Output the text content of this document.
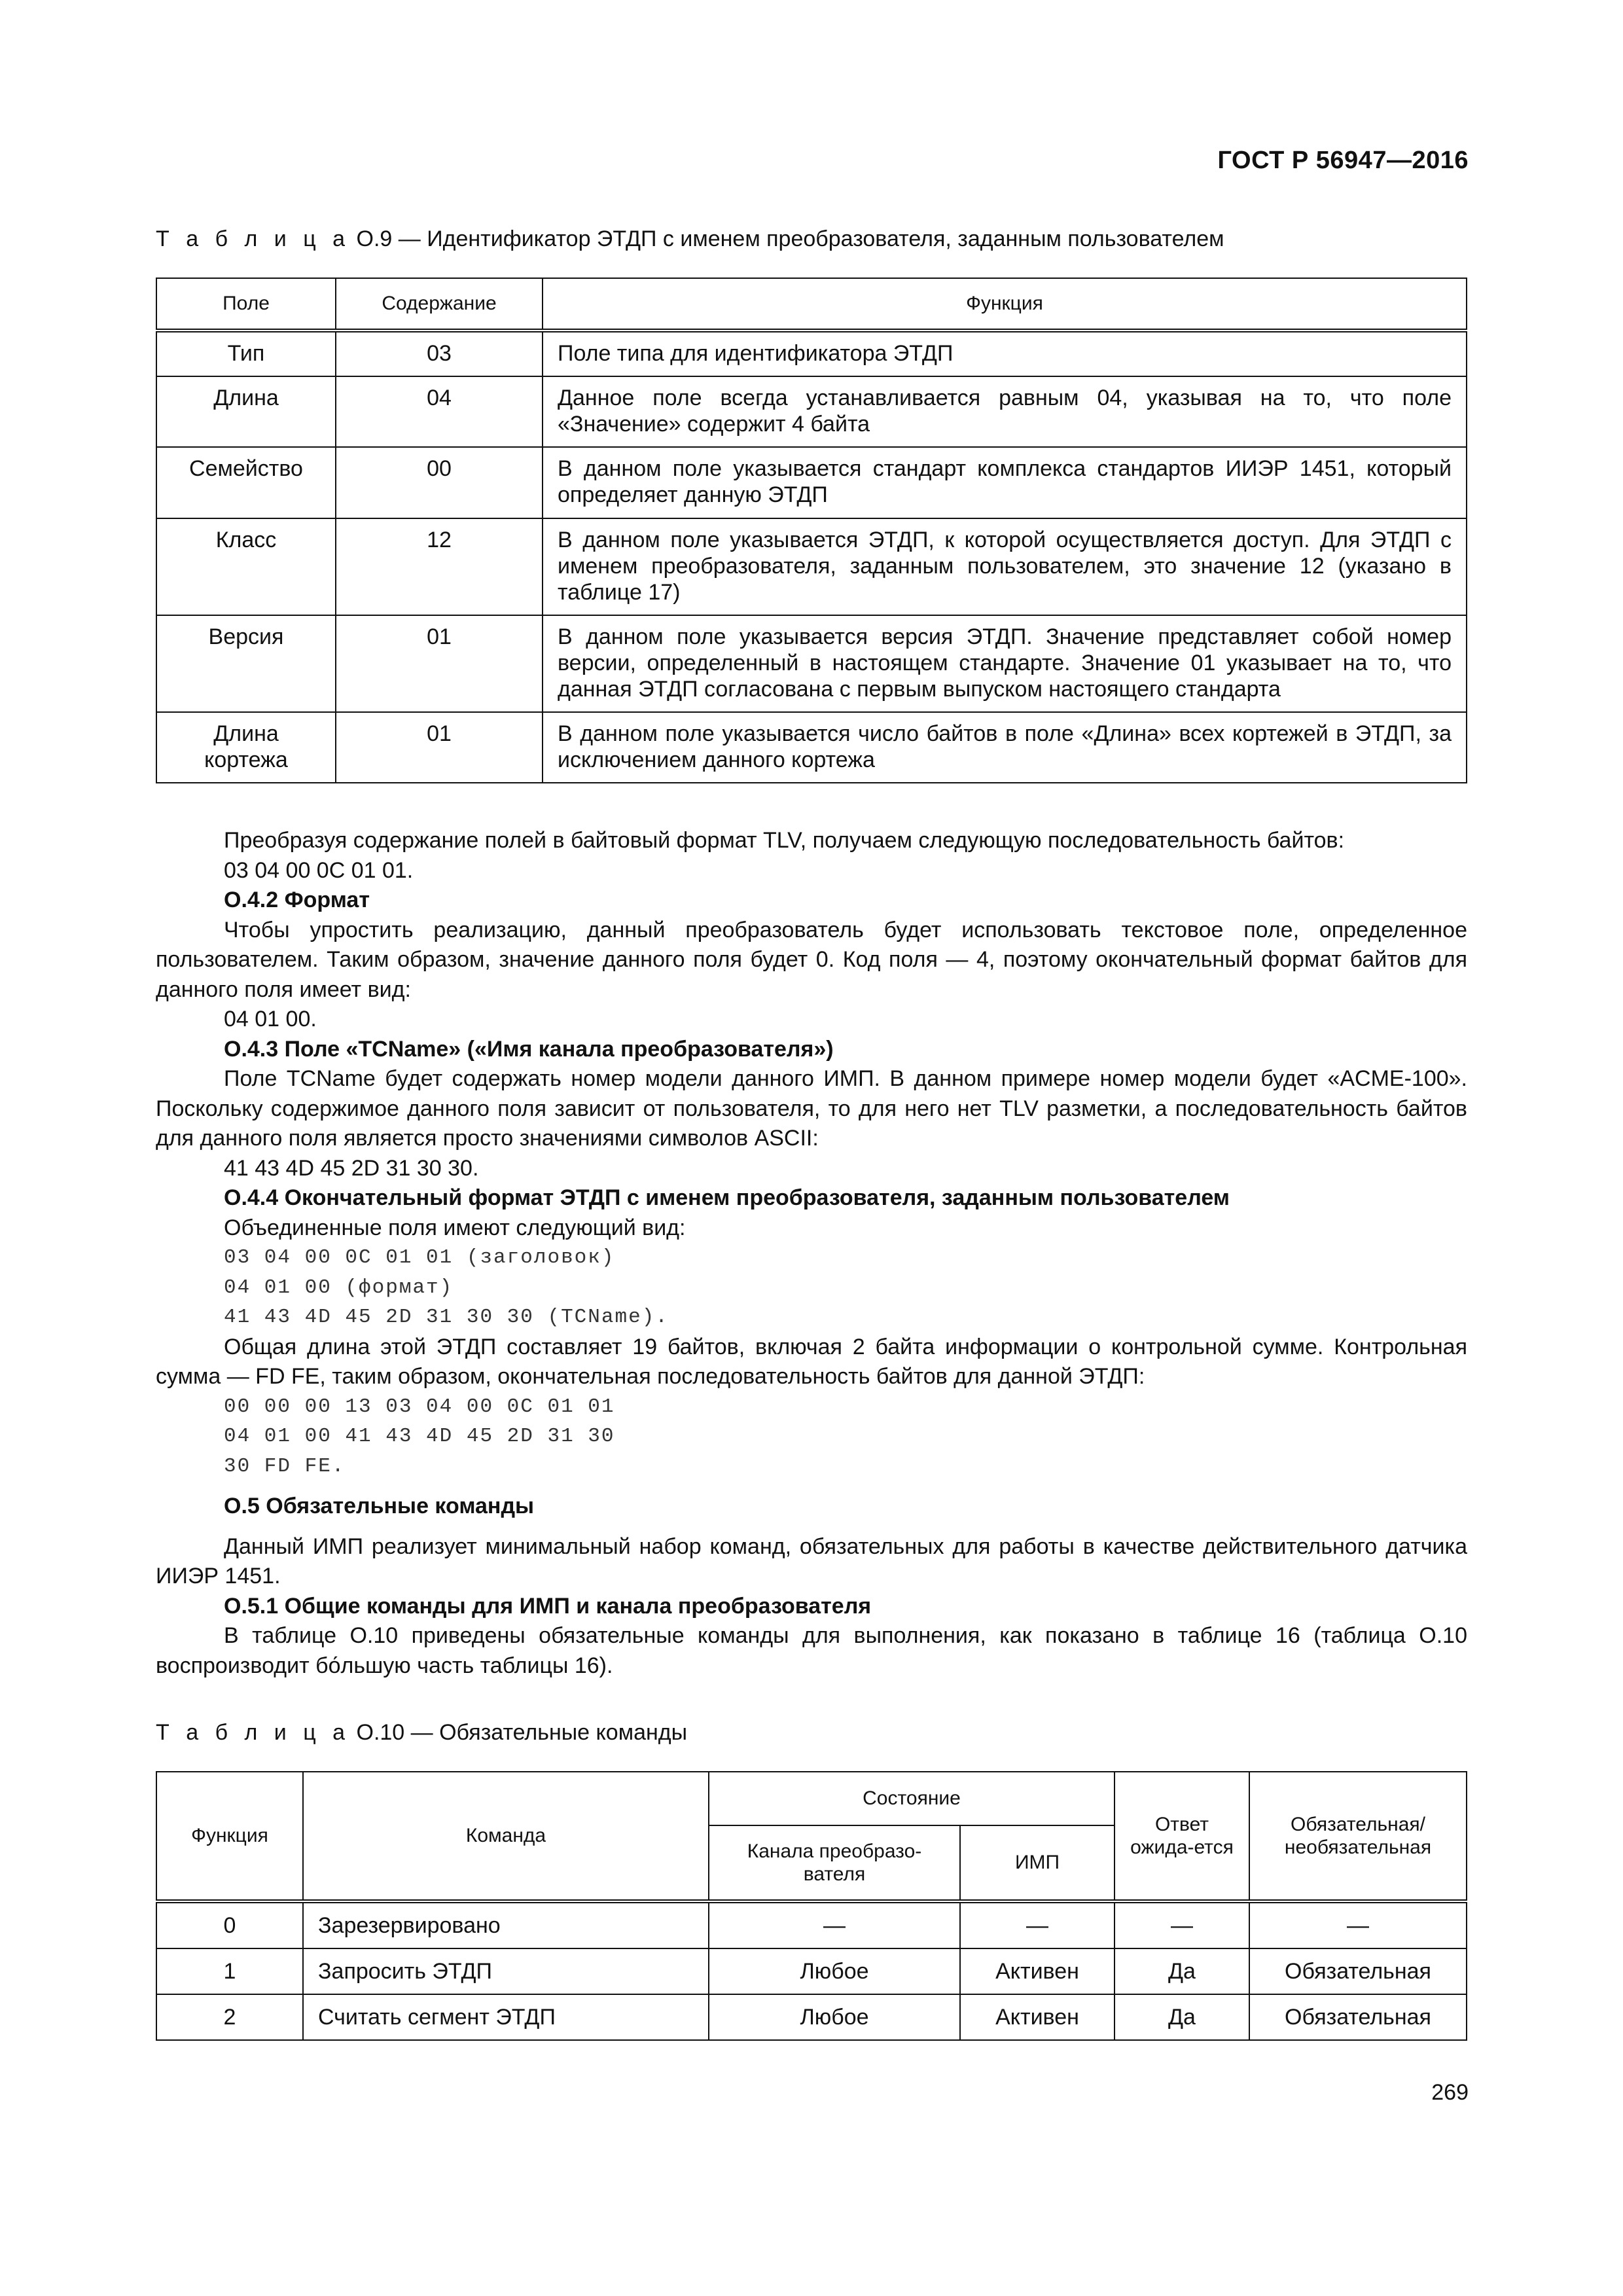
ГОСТ Р 56947—2016
Т а б л и ц а О.9 — Идентификатор ЭТДП с именем преобразователя, заданным пользователем
Поле	Содержание	Функция
Тип	03	Поле типа для идентификатора ЭТДП
Длина	04	Данное поле всегда устанавливается равным 04, указывая на то, что поле «Значение» содержит 4 байта
Семейство	00	В данном поле указывается стандарт комплекса стандартов ИИЭР 1451, который определяет данную ЭТДП
Класс	12	В данном поле указывается ЭТДП, к которой осуществляется доступ. Для ЭТДП с именем преобразователя, заданным пользователем, это значение 12 (указано в таблице 17)
Версия	01	В данном поле указывается версия ЭТДП. Значение представляет собой номер версии, определенный в настоящем стандарте. Значение 01 указывает на то, что данная ЭТДП согласована с первым выпуском настоящего стандарта
Длина кортежа	01	В данном поле указывается число байтов в поле «Длина» всех кортежей в ЭТДП, за исключением данного кортежа

Преобразуя содержание полей в байтовый формат TLV, получаем следующую последовательность байтов:

03 04 00 0C 01 01.

О.4.2 Формат

Чтобы упростить реализацию, данный преобразователь будет использовать текстовое поле, определенное пользователем. Таким образом, значение данного поля будет 0. Код поля — 4, поэтому окончательный формат байтов для данного поля имеет вид:

04 01 00.

О.4.3 Поле «TCName» («Имя канала преобразователя»)

Поле TCName будет содержать номер модели данного ИМП. В данном примере номер модели будет «ACME-100». Поскольку содержимое данного поля зависит от пользователя, то для него нет TLV разметки, а последовательность байтов для данного поля является просто значениями символов ASCII:

41 43 4D 45 2D 31 30 30.

О.4.4 Окончательный формат ЭТДП с именем преобразователя, заданным пользователем

Объединенные поля имеют следующий вид:

03 04 00 0C 01 01 (заголовок)

04 01 00 (формат)

41 43 4D 45 2D 31 30 30 (TCName).

Общая длина этой ЭТДП составляет 19 байтов, включая 2 байта информации о контрольной сумме. Контрольная сумма — FD FE, таким образом, окончательная последовательность байтов для данной ЭТДП:

00 00 00 13 03 04 00 0C 01 01

04 01 00 41 43 4D 45 2D 31 30

30 FD FE.

О.5 Обязательные команды

Данный ИМП реализует минимальный набор команд, обязательных для работы в качестве действительного датчика ИИЭР 1451.

О.5.1 Общие команды для ИМП и канала преобразователя

В таблице О.10 приведены обязательные команды для выполнения, как показано в таблице 16 (таблица О.10 воспроизводит бо́льшую часть таблицы 16).

Т а б л и ц а О.10 — Обязательные команды
Функция	Команда	Состояние		Ответ ожида-ется	Обязательная/ необязательная
		Канала преобразо-вателя	ИМП		
0	Зарезервировано	—	—	—	—
1	Запросить ЭТДП	Любое	Активен	Да	Обязательная
2	Считать сегмент ЭТДП	Любое	Активен	Да	Обязательная
269
